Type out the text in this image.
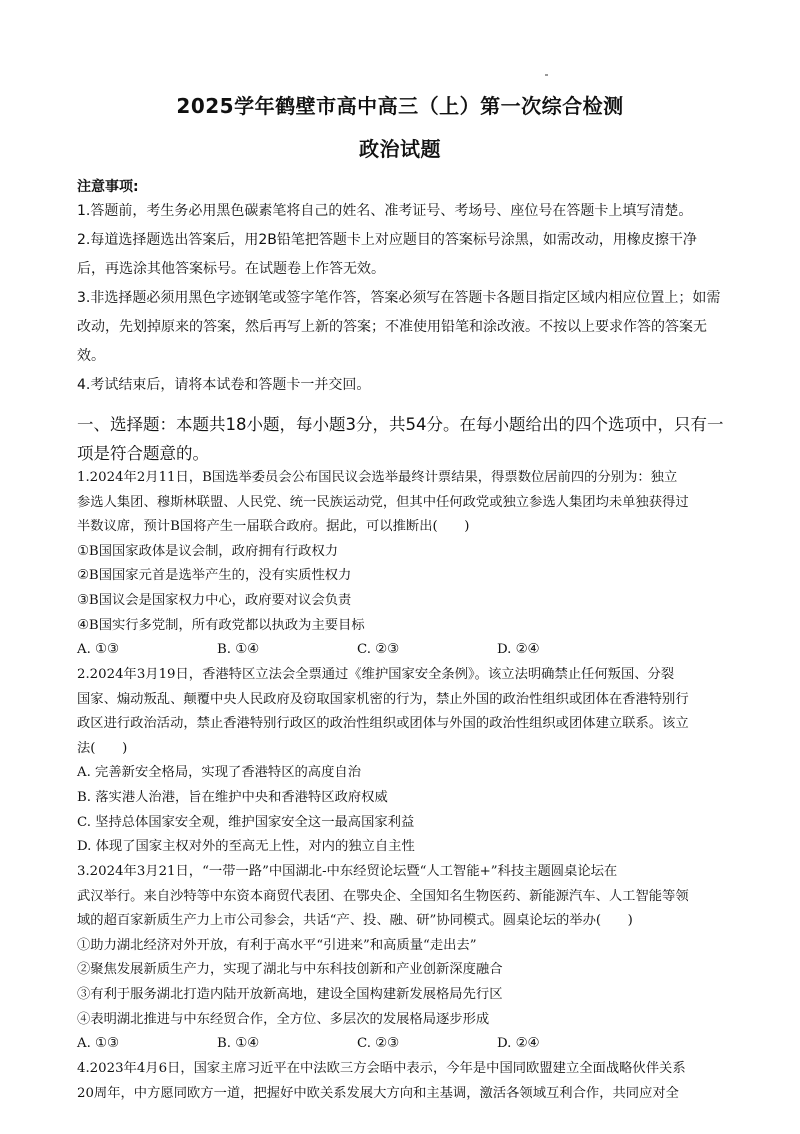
2025学年鹤壁市高中高三（上）第一次综合检测
政治试题
注意事项:
1.答题前，考生务必用黑色碳素笔将自己的姓名、准考证号、考场号、座位号在答题卡上填写清楚。
2.每道选择题选出答案后，用2B铅笔把答题卡上对应题目的答案标号涂黑，如需改动，用橡皮擦干净
后，再选涂其他答案标号。在试题卷上作答无效。
3.非选择题必须用黑色字迹钢笔或签字笔作答，答案必须写在答题卡各题目指定区域内相应位置上；如需
改动，先划掉原来的答案，然后再写上新的答案；不准使用铅笔和涂改液。不按以上要求作答的答案无
效。
4.考试结束后，请将本试卷和答题卡一并交回。
一、选择题：本题共18小题，每小题3分，共54分。在每小题给出的四个选项中，只有一
项是符合题意的。
1.2024年2月11日，B国选举委员会公布国民议会选举最终计票结果，得票数位居前四的分别为：独立
参选人集团、穆斯林联盟、人民党、统一民族运动党，但其中任何政党或独立参选人集团均未单独获得过
半数议席，预计B国将产生一届联合政府。据此，可以推断出(　　)
①B国国家政体是议会制，政府拥有行政权力
②B国国家元首是选举产生的，没有实质性权力
③B国议会是国家权力中心，政府要对议会负责
④B国实行多党制，所有政党都以执政为主要目标
A. ①③	B. ①④	C. ②③	D. ②④
2.2024年3月19日，香港特区立法会全票通过《维护国家安全条例》。该立法明确禁止任何叛国、分裂
国家、煽动叛乱、颠覆中央人民政府及窃取国家机密的行为，禁止外国的政治性组织或团体在香港特别行
政区进行政治活动，禁止香港特别行政区的政治性组织或团体与外国的政治性组织或团体建立联系。该立
法(　　)
A. 完善新安全格局，实现了香港特区的高度自治
B. 落实港人治港，旨在维护中央和香港特区政府权威
C. 坚持总体国家安全观，维护国家安全这一最高国家利益
D. 体现了国家主权对外的至高无上性，对内的独立自主性
3.2024年3月21日，“一带一路”中国湖北-中东经贸论坛暨“人工智能+”科技主题圆桌论坛在
武汉举行。来自沙特等中东资本商贸代表团、在鄂央企、全国知名生物医药、新能源汽车、人工智能等领
域的超百家新质生产力上市公司参会，共话“产、投、融、研”协同模式。圆桌论坛的举办(　　)
①助力湖北经济对外开放，有利于高水平“引进来”和高质量“走出去”
②聚焦发展新质生产力，实现了湖北与中东科技创新和产业创新深度融合
③有利于服务湖北打造内陆开放新高地，建设全国构建新发展格局先行区
④表明湖北推进与中东经贸合作，全方位、多层次的发展格局逐步形成
A. ①③	B. ①④	C. ②③	D. ②④
4.2023年4月6日，国家主席习近平在中法欧三方会晤中表示，今年是中国同欧盟建立全面战略伙伴关系
20周年，中方愿同欧方一道，把握好中欧关系发展大方向和主基调，激活各领域互利合作，共同应对全
